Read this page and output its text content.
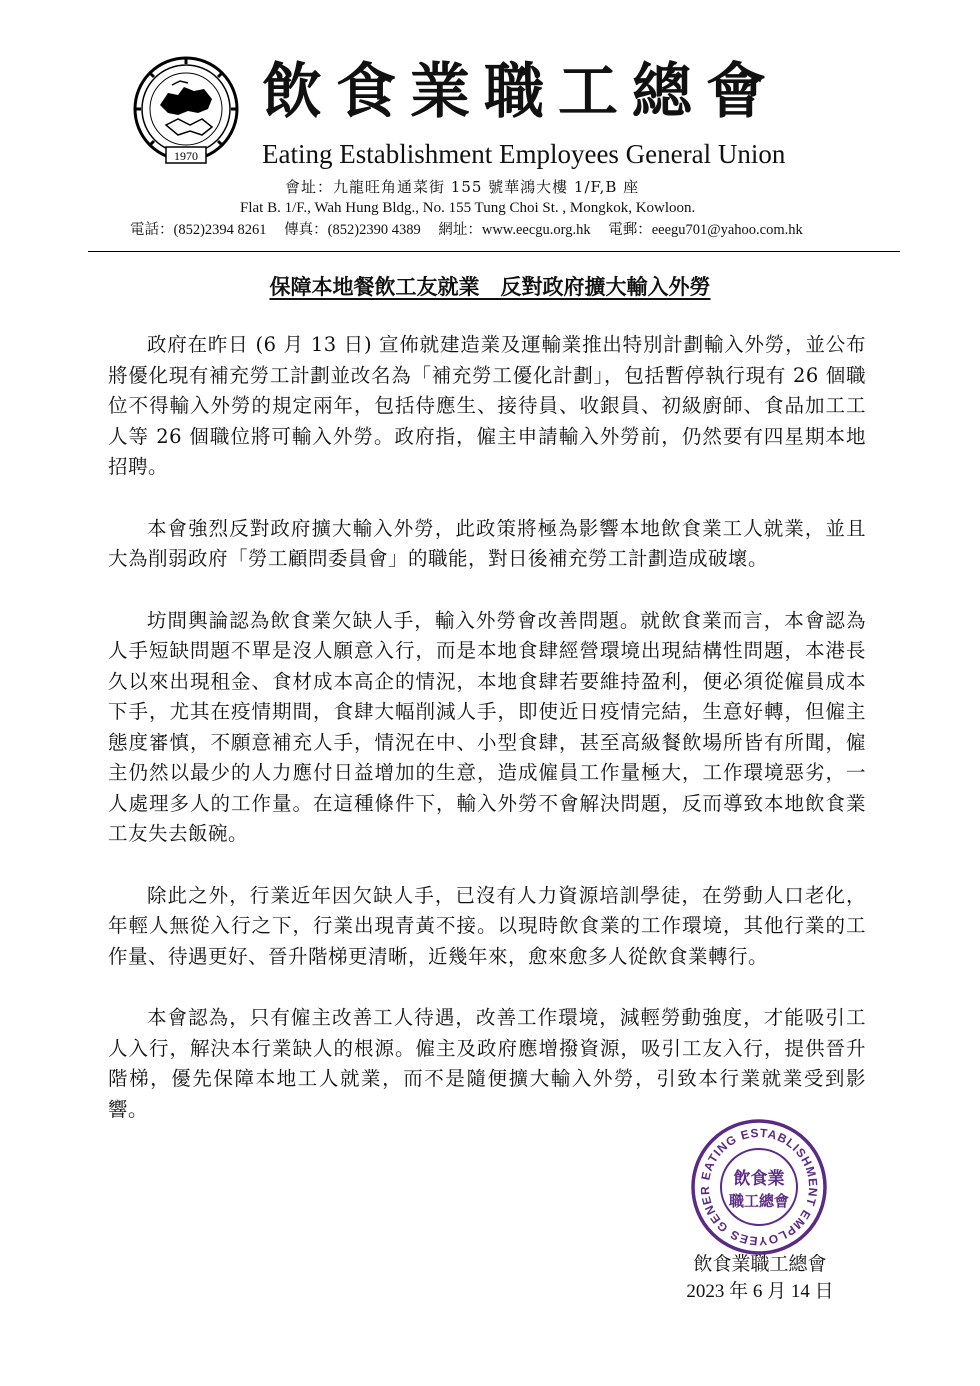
1970
飲食業職工總會
Eating Establishment Employees General Union
會址：九龍旺角通菜街 155 號華鴻大樓 1/F,B 座
Flat B. 1/F., Wah Hung Bldg., No. 155 Tung Choi St. , Mongkok, Kowloon.
電話：(852)2394 8261 傳真：(852)2390 4389 網址：www.eecgu.org.hk 電郵：eeegu701@yahoo.com.hk
保障本地餐飲工友就業　反對政府擴大輸入外勞

政府在昨日 (6 月 13 日) 宣佈就建造業及運輸業推出特別計劃輸入外勞，並公布將優化現有補充勞工計劃並改名為「補充勞工優化計劃」，包括暫停執行現有 26 個職位不得輸入外勞的規定兩年，包括侍應生、接待員、收銀員、初級廚師、食品加工工人等 26 個職位將可輸入外勞。政府指，僱主申請輸入外勞前，仍然要有四星期本地招聘。

本會強烈反對政府擴大輸入外勞，此政策將極為影響本地飲食業工人就業，並且大為削弱政府「勞工顧問委員會」的職能，對日後補充勞工計劃造成破壞。

坊間輿論認為飲食業欠缺人手，輸入外勞會改善問題。就飲食業而言，本會認為人手短缺問題不單是沒人願意入行，而是本地食肆經營環境出現結構性問題，本港長久以來出現租金、食材成本高企的情況，本地食肆若要維持盈利，便必須從僱員成本下手，尤其在疫情期間，食肆大幅削減人手，即使近日疫情完結，生意好轉，但僱主態度審慎，不願意補充人手，情況在中、小型食肆，甚至高級餐飲場所皆有所聞，僱主仍然以最少的人力應付日益增加的生意，造成僱員工作量極大，工作環境惡劣，一人處理多人的工作量。在這種條件下，輸入外勞不會解決問題，反而導致本地飲食業工友失去飯碗。

除此之外，行業近年因欠缺人手，已沒有人力資源培訓學徒，在勞動人口老化，年輕人無從入行之下，行業出現青黃不接。以現時飲食業的工作環境，其他行業的工作量、待遇更好、晉升階梯更清晰，近幾年來，愈來愈多人從飲食業轉行。

本會認為，只有僱主改善工人待遇，改善工作環境，減輕勞動強度，才能吸引工人入行，解決本行業缺人的根源。僱主及政府應增撥資源，吸引工友入行，提供晉升階梯，優先保障本地工人就業，而不是隨便擴大輸入外勞，引致本行業就業受到影響。

EATING ESTABLISHMENT EMPLOYEES GENER
飲食業
職工總會
飲食業職工總會
2023 年 6 月 14 日
